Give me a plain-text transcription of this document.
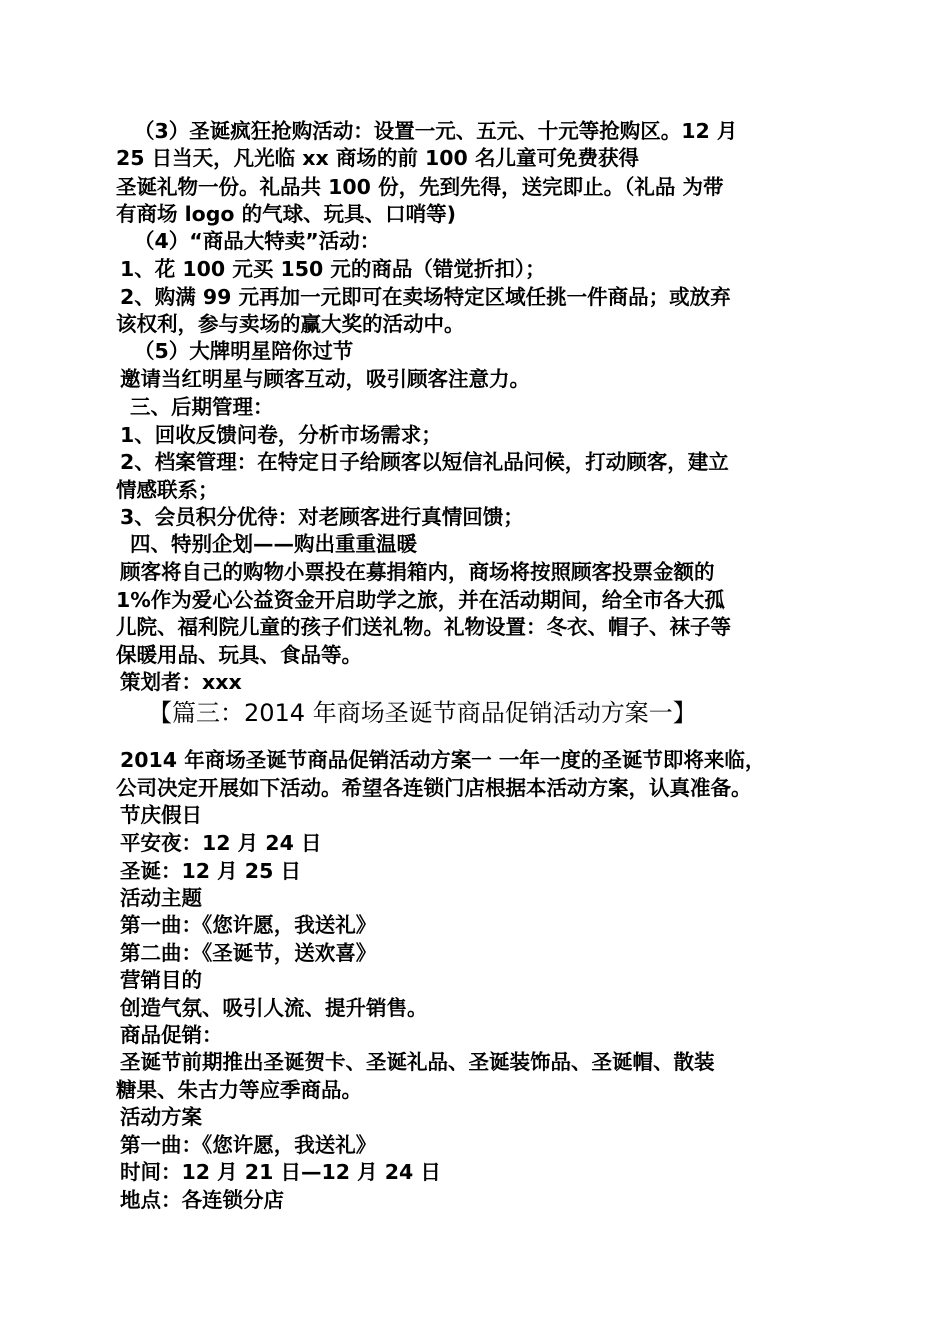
（3）圣诞疯狂抢购活动：设置一元、五元、十元等抢购区。12 月
25 日当天，凡光临 xx 商场的前 100 名儿童可免费获得
圣诞礼物一份。礼品共 100 份，先到先得，送完即止。（礼品 为带
有商场 logo 的气球、玩具、口哨等)
（4）“商品大特卖”活动：
1、花 100 元买 150 元的商品（错觉折扣）；
2、购满 99 元再加一元即可在卖场特定区域任挑一件商品；或放弃
该权利，参与卖场的赢大奖的活动中。
（5）大牌明星陪你过节
邀请当红明星与顾客互动，吸引顾客注意力。
三、后期管理：
1、回收反馈问卷，分析市场需求；
2、档案管理：在特定日子给顾客以短信礼品问候，打动顾客，建立
情感联系；
3、会员积分优待：对老顾客进行真情回馈；
四、特别企划——购出重重温暖
顾客将自己的购物小票投在募捐箱内，商场将按照顾客投票金额的
1%作为爱心公益资金开启助学之旅，并在活动期间，给全市各大孤
儿院、福利院儿童的孩子们送礼物。礼物设置：冬衣、帽子、袜子等
保暖用品、玩具、食品等。
策划者：xxx
【篇三：2014 年商场圣诞节商品促销活动方案一】
2014 年商场圣诞节商品促销活动方案一 一年一度的圣诞节即将来临，
公司决定开展如下活动。希望各连锁门店根据本活动方案，认真准备。
节庆假日
平安夜：12 月 24 日
圣诞：12 月 25 日
活动主题
第一曲：《您许愿，我送礼》
第二曲：《圣诞节，送欢喜》
营销目的
创造气氛、吸引人流、提升销售。
商品促销：
圣诞节前期推出圣诞贺卡、圣诞礼品、圣诞装饰品、圣诞帽、散装
糖果、朱古力等应季商品。
活动方案
第一曲：《您许愿，我送礼》
时间：12 月 21 日—12 月 24 日
地点：各连锁分店
